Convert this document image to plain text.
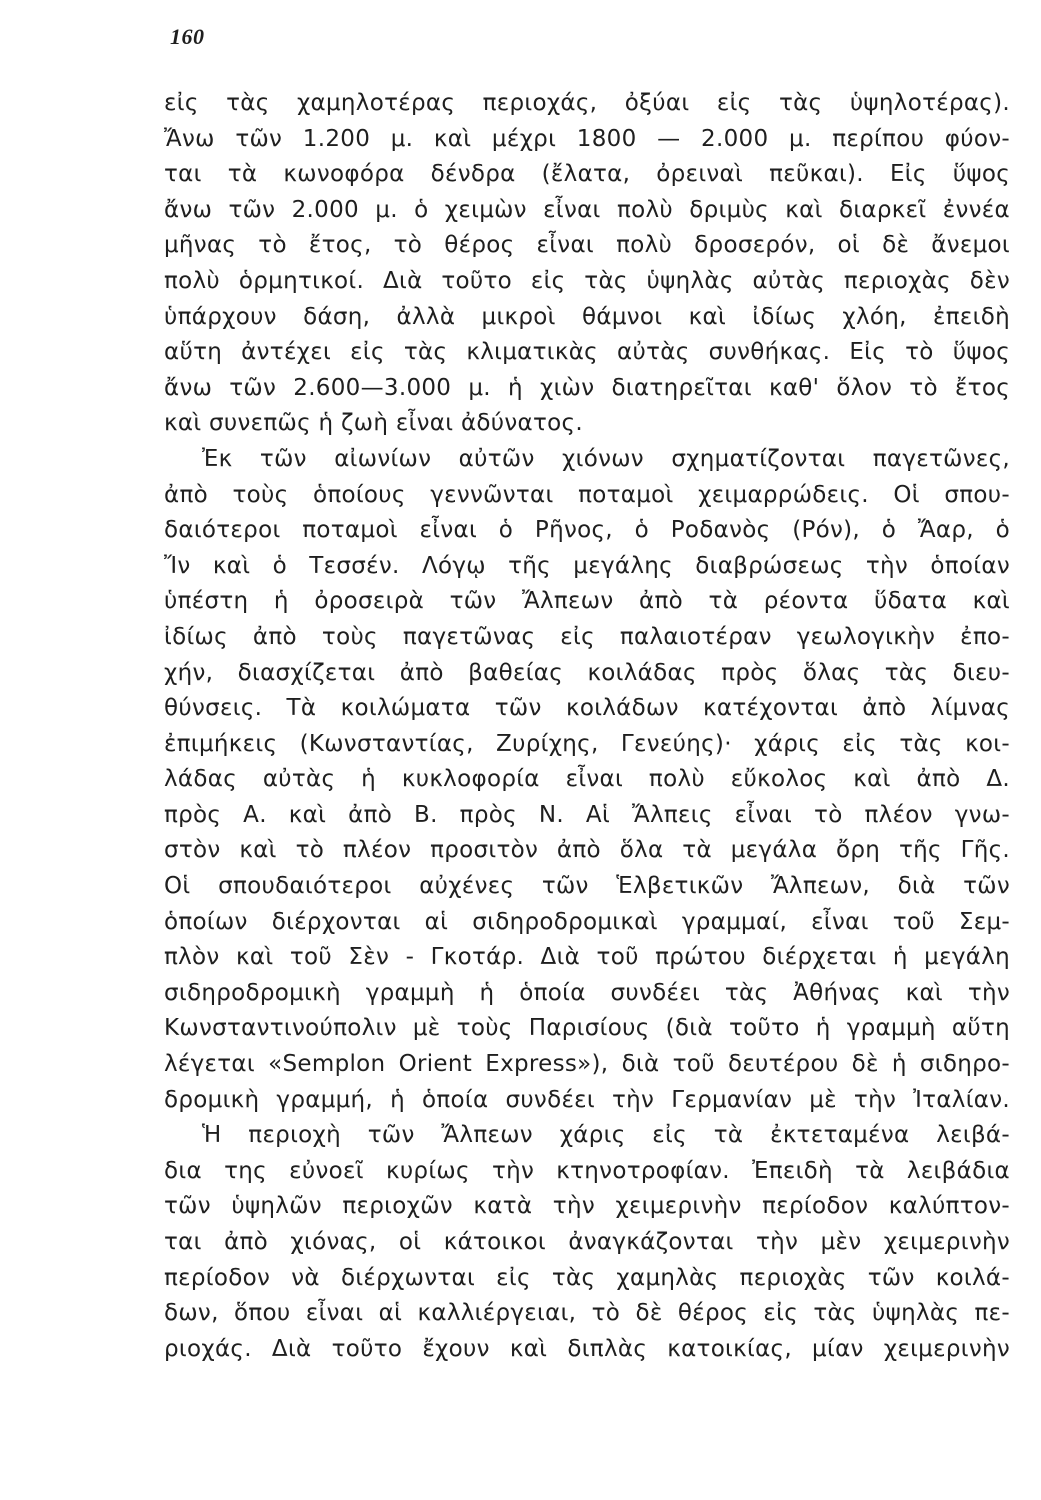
160
εἰς τὰς χαμηλοτέρας περιοχάς, ὀξύαι εἰς τὰς ὑψηλοτέρας).
Ἄνω τῶν 1.200 μ. καὶ μέχρι 1800 — 2.000 μ. περίπου φύον-
ται τὰ κωνοφόρα δένδρα (ἔλατα, ὀρειναὶ πεῦκαι). Εἰς ὕψος
ἄνω τῶν 2.000 μ. ὁ χειμὼν εἶναι πολὺ δριμὺς καὶ διαρκεῖ ἐννέα
μῆνας τὸ ἔτος, τὸ θέρος εἶναι πολὺ δροσερόν, οἱ δὲ ἄνεμοι
πολὺ ὁρμητικοί. Διὰ τοῦτο εἰς τὰς ὑψηλὰς αὐτὰς περιοχὰς δὲν
ὑπάρχουν δάση, ἀλλὰ μικροὶ θάμνοι καὶ ἰδίως χλόη, ἐπειδὴ
αὕτη ἀντέχει εἰς τὰς κλιματικὰς αὐτὰς συνθήκας. Εἰς τὸ ὕψος
ἄνω τῶν 2.600—3.000 μ. ἡ χιὼν διατηρεῖται καθ' ὅλον τὸ ἔτος
καὶ συνεπῶς ἡ ζωὴ εἶναι ἀδύνατος.
Ἐκ τῶν αἰωνίων αὐτῶν χιόνων σχηματίζονται παγετῶνες,
ἀπὸ τοὺς ὁποίους γεννῶνται ποταμοὶ χειμαρρώδεις. Οἱ σπου-
δαιότεροι ποταμοὶ εἶναι ὁ Ρῆνος, ὁ Ροδανὸς (Ρόν), ὁ Ἄαρ, ὁ
Ἴν καὶ ὁ Τεσσέν. Λόγῳ τῆς μεγάλης διαβρώσεως τὴν ὁποίαν
ὑπέστη ἡ ὀροσειρὰ τῶν Ἄλπεων ἀπὸ τὰ ρέοντα ὕδατα καὶ
ἰδίως ἀπὸ τοὺς παγετῶνας εἰς παλαιοτέραν γεωλογικὴν ἐπο-
χήν, διασχίζεται ἀπὸ βαθείας κοιλάδας πρὸς ὅλας τὰς διευ-
θύνσεις. Τὰ κοιλώματα τῶν κοιλάδων κατέχονται ἀπὸ λίμνας
ἐπιμήκεις (Κωνσταντίας, Ζυρίχης, Γενεύης)· χάρις εἰς τὰς κοι-
λάδας αὐτὰς ἡ κυκλοφορία εἶναι πολὺ εὔκολος καὶ ἀπὸ Δ.
πρὸς Α. καὶ ἀπὸ Β. πρὸς Ν. Αἱ Ἄλπεις εἶναι τὸ πλέον γνω-
στὸν καὶ τὸ πλέον προσιτὸν ἀπὸ ὅλα τὰ μεγάλα ὄρη τῆς Γῆς.
Οἱ σπουδαιότεροι αὐχένες τῶν Ἑλβετικῶν Ἄλπεων, διὰ τῶν
ὁποίων διέρχονται αἱ σιδηροδρομικαὶ γραμμαί, εἶναι τοῦ Σεμ-
πλὸν καὶ τοῦ Σὲν - Γκοτάρ. Διὰ τοῦ πρώτου διέρχεται ἡ μεγάλη
σιδηροδρομικὴ γραμμὴ ἡ ὁποία συνδέει τὰς Ἀθήνας καὶ τὴν
Κωνσταντινούπολιν μὲ τοὺς Παρισίους (διὰ τοῦτο ἡ γραμμὴ αὕτη
λέγεται «Semplon Orient Express»), διὰ τοῦ δευτέρου δὲ ἡ σιδηρο-
δρομικὴ γραμμή, ἡ ὁποία συνδέει τὴν Γερμανίαν μὲ τὴν Ἰταλίαν.
Ἡ περιοχὴ τῶν Ἄλπεων χάρις εἰς τὰ ἐκτεταμένα λειβά-
δια της εὐνοεῖ κυρίως τὴν κτηνοτροφίαν. Ἐπειδὴ τὰ λειβάδια
τῶν ὑψηλῶν περιοχῶν κατὰ τὴν χειμερινὴν περίοδον καλύπτον-
ται ἀπὸ χιόνας, οἱ κάτοικοι ἀναγκάζονται τὴν μὲν χειμερινὴν
περίοδον νὰ διέρχωνται εἰς τὰς χαμηλὰς περιοχὰς τῶν κοιλά-
δων, ὅπου εἶναι αἱ καλλιέργειαι, τὸ δὲ θέρος εἰς τὰς ὑψηλὰς πε-
ριοχάς. Διὰ τοῦτο ἔχουν καὶ διπλὰς κατοικίας, μίαν χειμερινὴν
